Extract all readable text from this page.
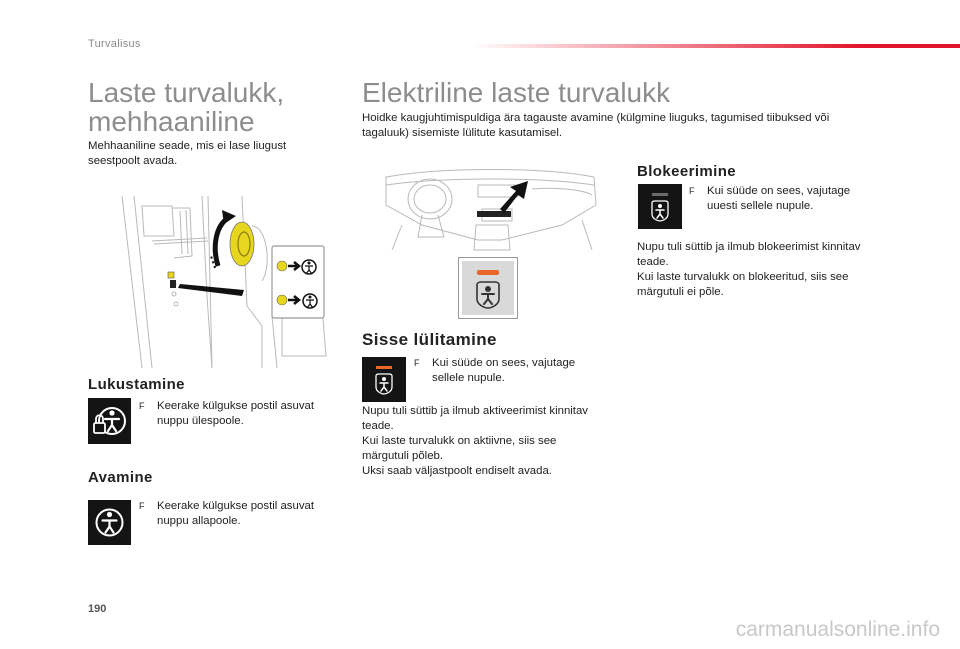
Turvalisus
Laste turvalukk,
mehhaaniline
Mehhaaniline seade, mis ei lase liugust
seestpoolt avada.
Lukustamine
F Keerake külgukse postil asuvat
nuppu ülespoole.
Avamine
F Keerake külgukse postil asuvat
nuppu allapoole.
Elektriline laste turvalukk
Hoidke kaugjuhtimispuldiga ära tagauste avamine (külgmine liuguks, tagumised tiibuksed või
tagaluuk) sisemiste lülitute kasutamisel.
Sisse lülitamine
F Kui süüde on sees, vajutage
sellele nupule.
Nupu tuli süttib ja ilmub aktiveerimist kinnitav
teade.
Kui laste turvalukk on aktiivne, siis see
märgutuli põleb.
Uksi saab väljastpoolt endiselt avada.
Blokeerimine
F Kui süüde on sees, vajutage
uuesti sellele nupule.
Nupu tuli süttib ja ilmub blokeerimist kinnitav
teade.
Kui laste turvalukk on blokeeritud, siis see
märgutuli ei põle.
190
carmanualsonline.info
